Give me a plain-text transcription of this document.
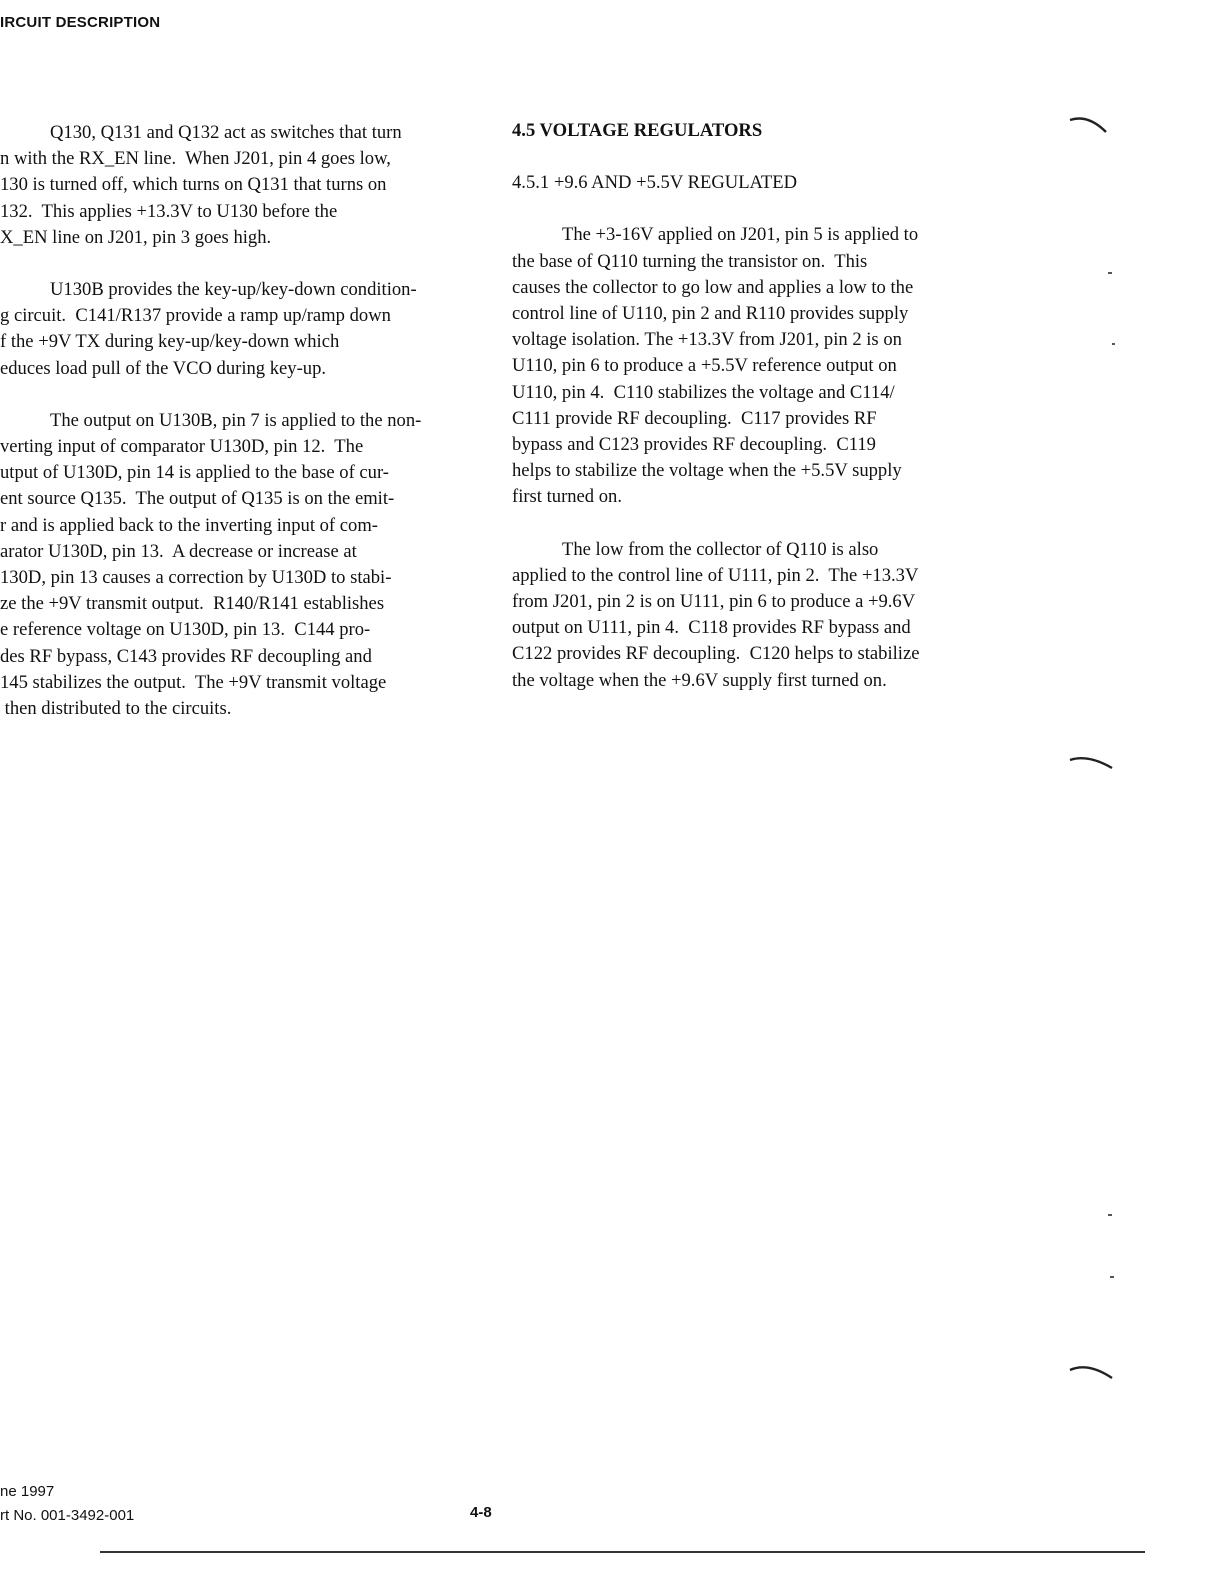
IRCUIT DESCRIPTION
Q130, Q131 and Q132 act as switches that turn
n with the RX_EN line.  When J201, pin 4 goes low,
130 is turned off, which turns on Q131 that turns on
132.  This applies +13.3V to U130 before the
X_EN line on J201, pin 3 goes high.
U130B provides the key-up/key-down condition-
g circuit.  C141/R137 provide a ramp up/ramp down
f the +9V TX during key-up/key-down which
educes load pull of the VCO during key-up.
The output on U130B, pin 7 is applied to the non-
verting input of comparator U130D, pin 12.  The
utput of U130D, pin 14 is applied to the base of cur-
ent source Q135.  The output of Q135 is on the emit-
r and is applied back to the inverting input of com-
arator U130D, pin 13.  A decrease or increase at
130D, pin 13 causes a correction by U130D to stabi-
ze the +9V transmit output.  R140/R141 establishes
e reference voltage on U130D, pin 13.  C144 pro-
des RF bypass, C143 provides RF decoupling and
145 stabilizes the output.  The +9V transmit voltage
then distributed to the circuits.
4.5 VOLTAGE REGULATORS
4.5.1 +9.6 AND +5.5V REGULATED
The +3-16V applied on J201, pin 5 is applied to
the base of Q110 turning the transistor on.  This
causes the collector to go low and applies a low to the
control line of U110, pin 2 and R110 provides supply
voltage isolation. The +13.3V from J201, pin 2 is on
U110, pin 6 to produce a +5.5V reference output on
U110, pin 4.  C110 stabilizes the voltage and C114/
C111 provide RF decoupling.  C117 provides RF
bypass and C123 provides RF decoupling.  C119
helps to stabilize the voltage when the +5.5V supply
first turned on.
The low from the collector of Q110 is also
applied to the control line of U111, pin 2.  The +13.3V
from J201, pin 2 is on U111, pin 6 to produce a +9.6V
output on U111, pin 4.  C118 provides RF bypass and
C122 provides RF decoupling.  C120 helps to stabilize
the voltage when the +9.6V supply first turned on.
ne 1997
rt No. 001-3492-001	4-8
